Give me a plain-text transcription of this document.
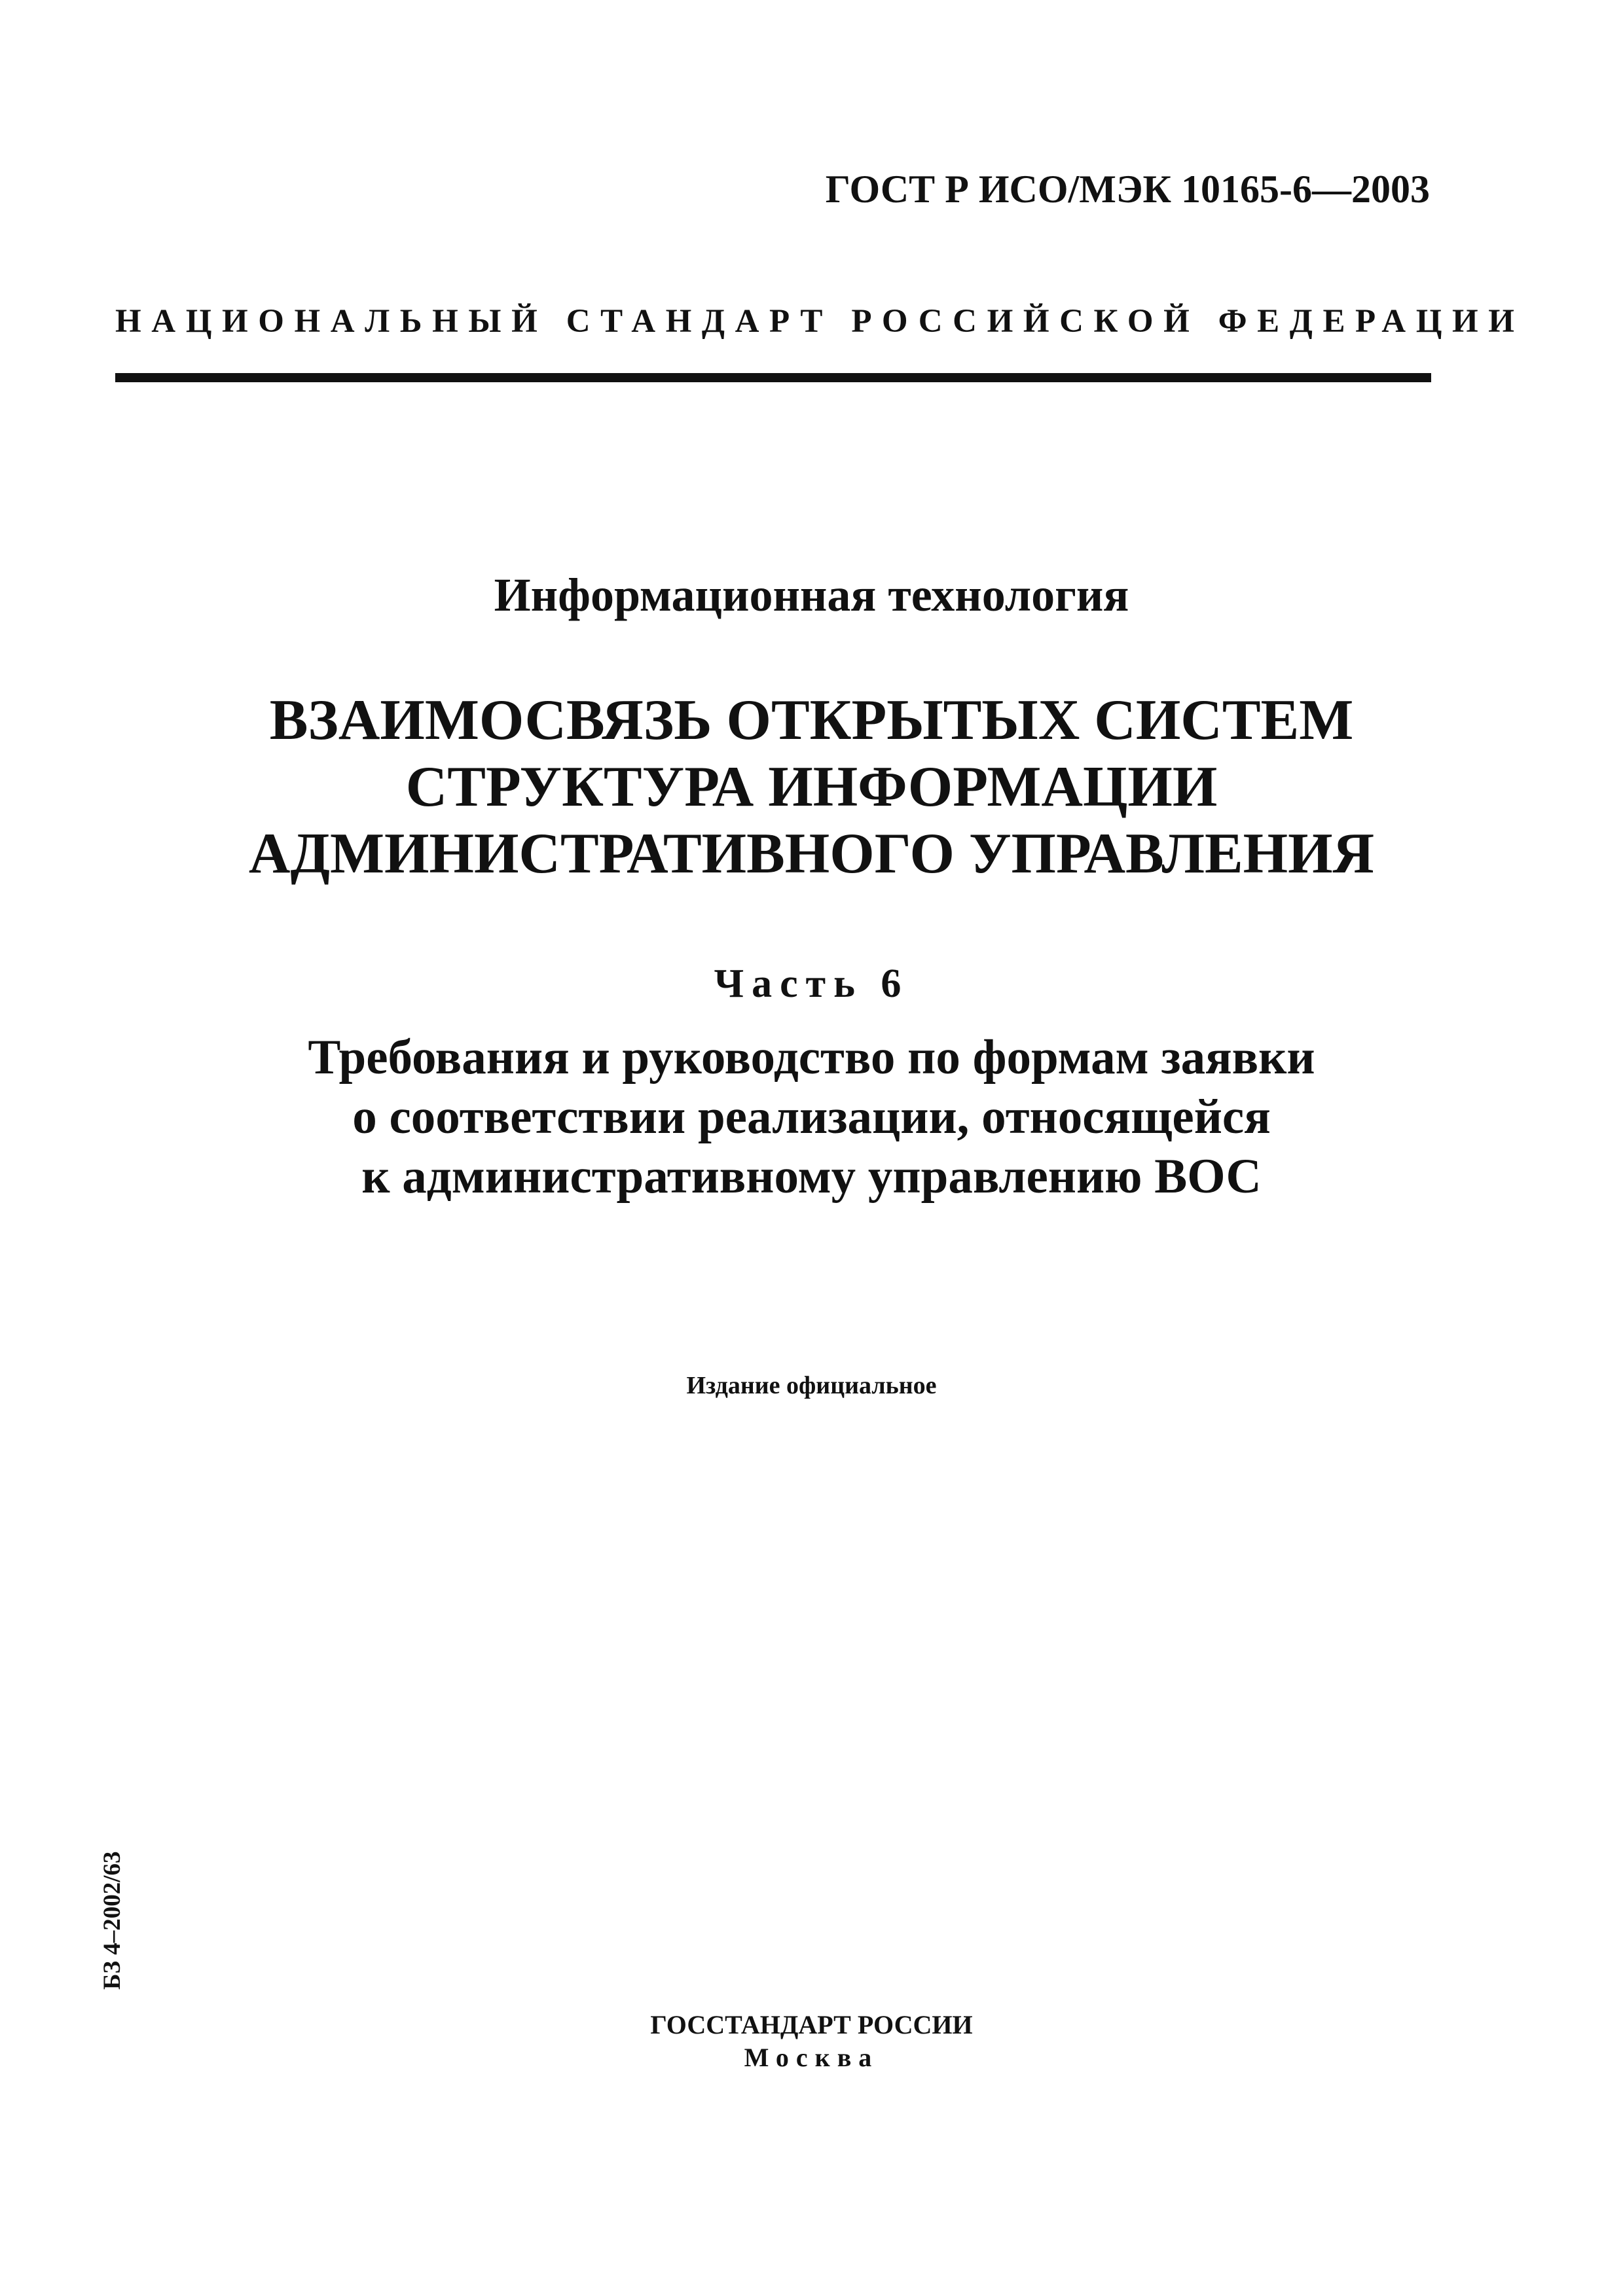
ГОСТ Р ИСО/МЭК 10165-6—2003

НАЦИОНАЛЬНЫЙ СТАНДАРТ РОССИЙСКОЙ ФЕДЕРАЦИИ

Информационная технология

ВЗАИМОСВЯЗЬ ОТКРЫТЫХ СИСТЕМ
СТРУКТУРА ИНФОРМАЦИИ
АДМИНИСТРАТИВНОГО УПРАВЛЕНИЯ

Часть 6

Требования и руководство по формам заявки
о соответствии реализации, относящейся
к административному управлению ВОС

Издание официальное

БЗ 4–2002/63

ГОССТАНДАРТ РОССИИ

Москва
